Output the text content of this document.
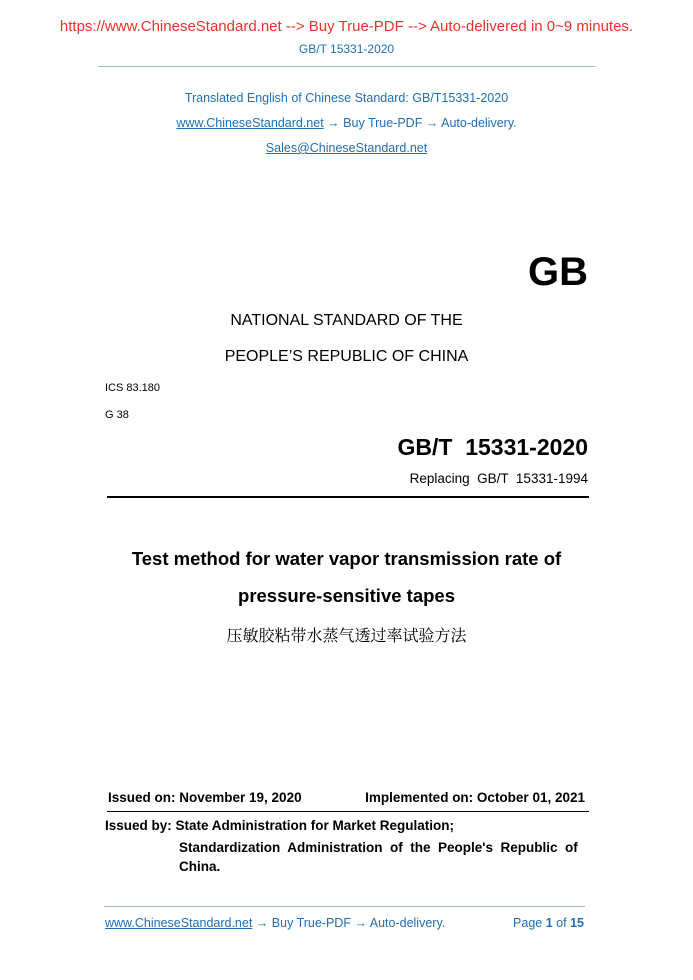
https://www.ChineseStandard.net --> Buy True-PDF --> Auto-delivered in 0~9 minutes.
GB/T 15331-2020
Translated English of Chinese Standard: GB/T15331-2020
www.ChineseStandard.net → Buy True-PDF → Auto-delivery.
Sales@ChineseStandard.net
GB
NATIONAL STANDARD OF THE
PEOPLE’S REPUBLIC OF CHINA
ICS 83.180
G 38
GB/T  15331-2020
Replacing  GB/T  15331-1994
Test method for water vapor transmission rate of
pressure-sensitive tapes
压敏胶粘带水蒸气透过率试验方法
Issued on: November 19, 2020	Implemented on: October 01, 2021
Issued by: State Administration for Market Regulation;
Standardization  Administration  of  the  People's  Republic  of
China.
www.ChineseStandard.net → Buy True-PDF → Auto-delivery.	Page 1 of 15
